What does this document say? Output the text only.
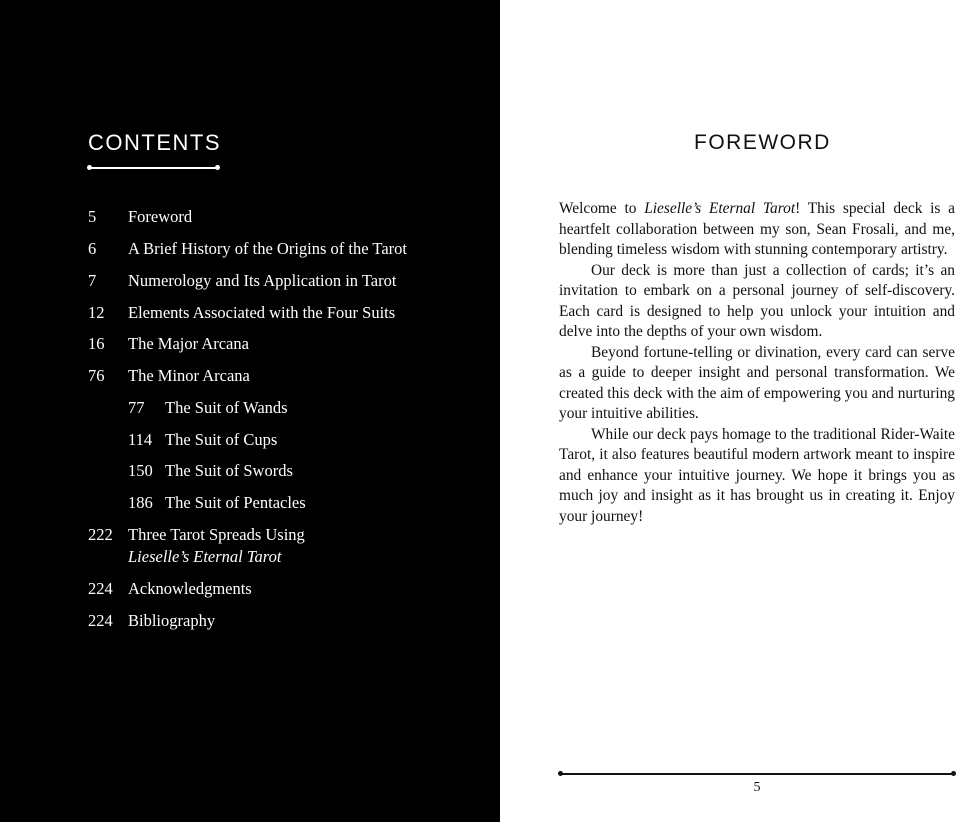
CONTENTS
5 Foreword
6 A Brief History of the Origins of the Tarot
7 Numerology and Its Application in Tarot
12 Elements Associated with the Four Suits
16 The Major Arcana
76 The Minor Arcana
77 The Suit of Wands
114 The Suit of Cups
150 The Suit of Swords
186 The Suit of Pentacles
222 Three Tarot Spreads Using
Lieselle’s Eternal Tarot
224 Acknowledgments
224 Bibliography
FOREWORD

Welcome to Lieselle’s Eternal Tarot! This special deck is a heartfelt collaboration between my son, Sean Frosali, and me, blending timeless wisdom with stunning contemporary artistry.

Our deck is more than just a collection of cards; it’s an invitation to embark on a personal journey of self-discovery. Each card is designed to help you unlock your intuition and delve into the depths of your own wisdom.

Beyond fortune-telling or divination, every card can serve as a guide to deeper insight and personal transformation. We created this deck with the aim of empowering you and nurturing your intuitive abilities.

While our deck pays homage to the traditional Rider-Waite Tarot, it also features beautiful modern artwork meant to inspire and enhance your intuitive journey. We hope it brings you as much joy and insight as it has brought us in creating it. Enjoy your journey!

5
